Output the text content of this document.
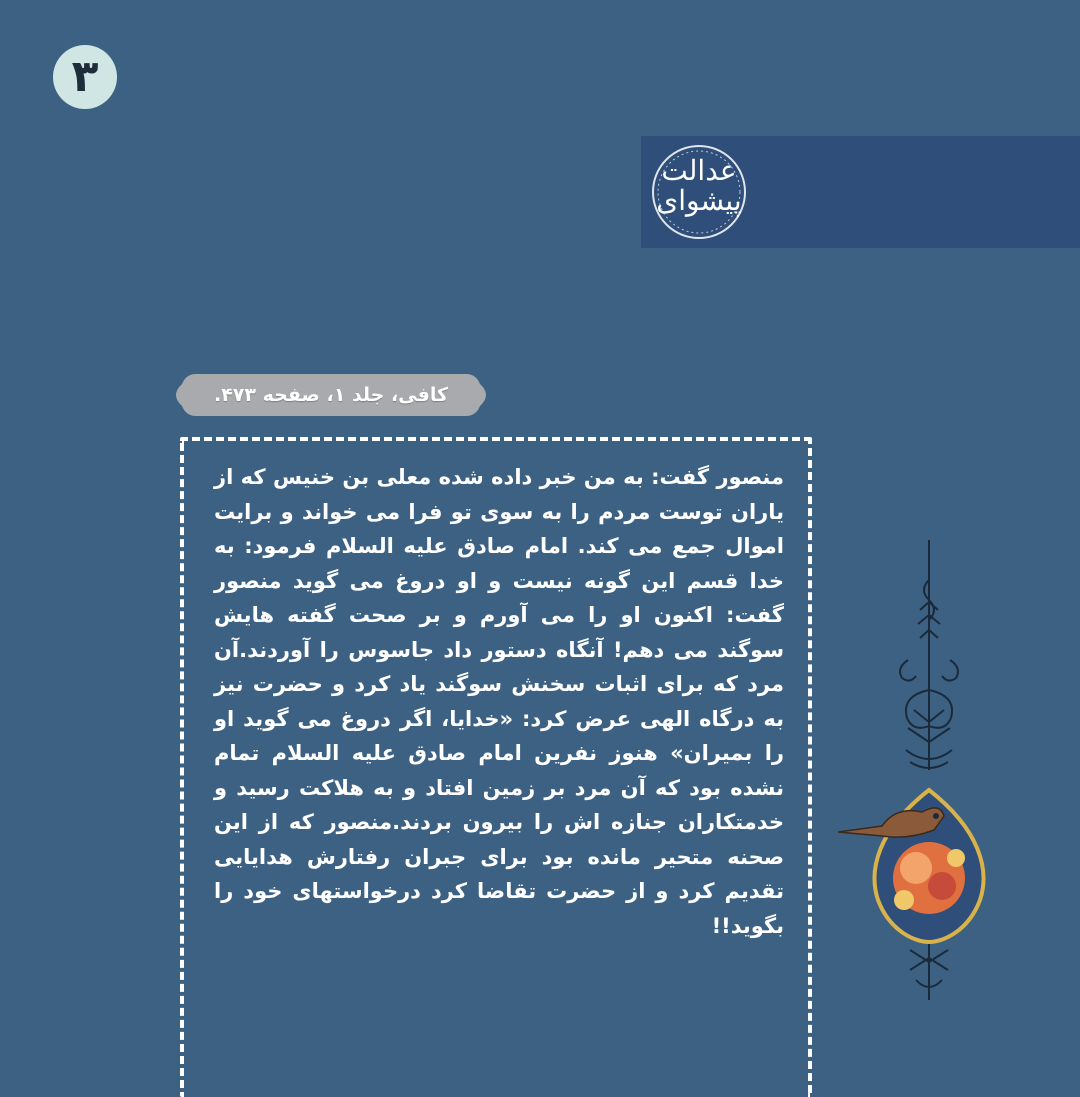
۳
عدالت
پیشوای
کافی، جلد ۱، صفحه ۴۷۳.

منصور گفت: به من خبر داده شده معلی بن خنیس که از یاران توست مردم را به سوی تو فرا می خواند و برایت اموال جمع می کند. امام صادق علیه السلام فرمود: به خدا قسم این گونه نیست و او دروغ می گوید منصور گفت: اکنون او را می آورم و بر صحت گفته هایش سوگند می دهم! آنگاه دستور داد جاسوس را آوردند.آن مرد که برای اثبات سخنش سوگند یاد کرد و حضرت نیز به درگاه الهی عرض کرد: «خدایا، اگر دروغ می گوید او را بمیران» هنوز نفرین امام صادق علیه السلام تمام نشده بود که آن مرد بر زمین افتاد و به هلاکت رسید و خدمتکاران جنازه اش را بیرون بردند.منصور که از این صحنه متحیر مانده بود برای جبران رفتارش هدایایی تقدیم کرد و از حضرت تقاضا کرد درخواستهای خود را بگوید!!
